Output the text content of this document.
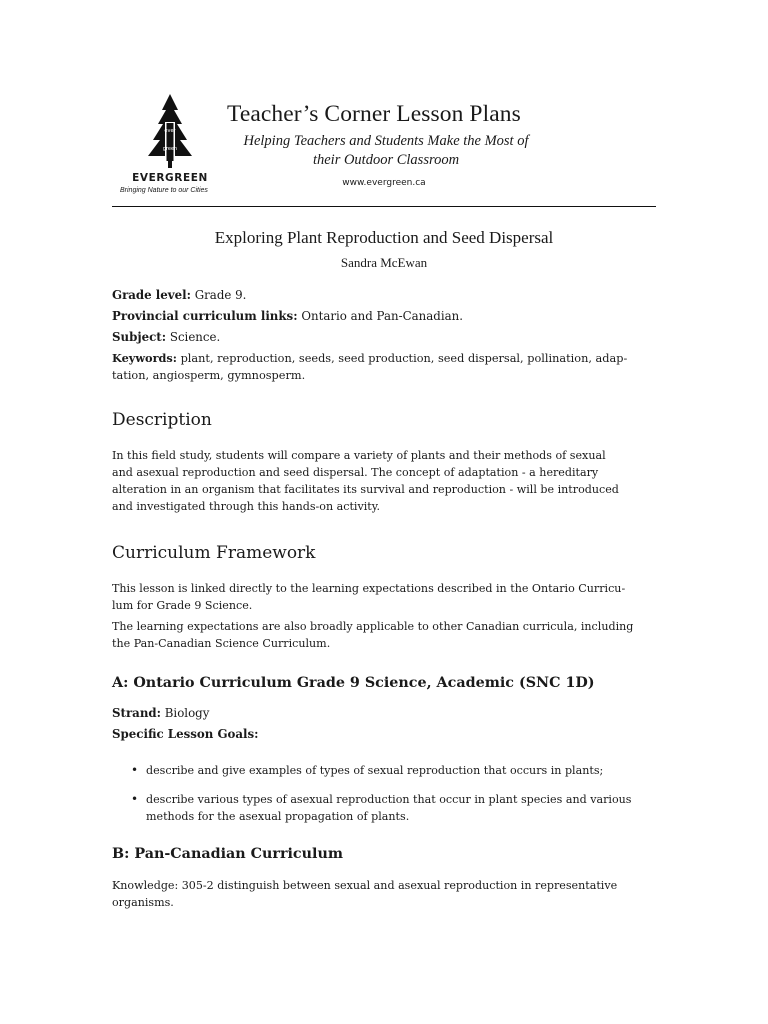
ever
green
EVERGREEN
Bringing Nature to our Cities
Teacher’s Corner Lesson Plans
Helping Teachers and Students Make the Most of
their Outdoor Classroom
www.evergreen.ca
Exploring Plant Reproduction and Seed Dispersal
Sandra McEwan
Grade level: Grade 9.
Provincial curriculum links: Ontario and Pan-Canadian.
Subject: Science.
Keywords: plant, reproduction, seeds, seed production, seed dispersal, pollination, adap-
tation, angiosperm, gymnosperm.
Description
In this field study, students will compare a variety of plants and their methods of sexual
and asexual reproduction and seed dispersal. The concept of adaptation - a hereditary
alteration in an organism that facilitates its survival and reproduction - will be introduced
and investigated through this hands-on activity.
Curriculum Framework
This lesson is linked directly to the learning expectations described in the Ontario Curricu-
lum for Grade 9 Science.
The learning expectations are also broadly applicable to other Canadian curricula, including
the Pan-Canadian Science Curriculum.
A: Ontario Curriculum Grade 9 Science, Academic (SNC 1D)
Strand: Biology
Specific Lesson Goals:
• describe and give examples of types of sexual reproduction that occurs in plants;
• describe various types of asexual reproduction that occur in plant species and various
methods for the asexual propagation of plants.
B: Pan-Canadian Curriculum
Knowledge: 305-2 distinguish between sexual and asexual reproduction in representative
organisms.
